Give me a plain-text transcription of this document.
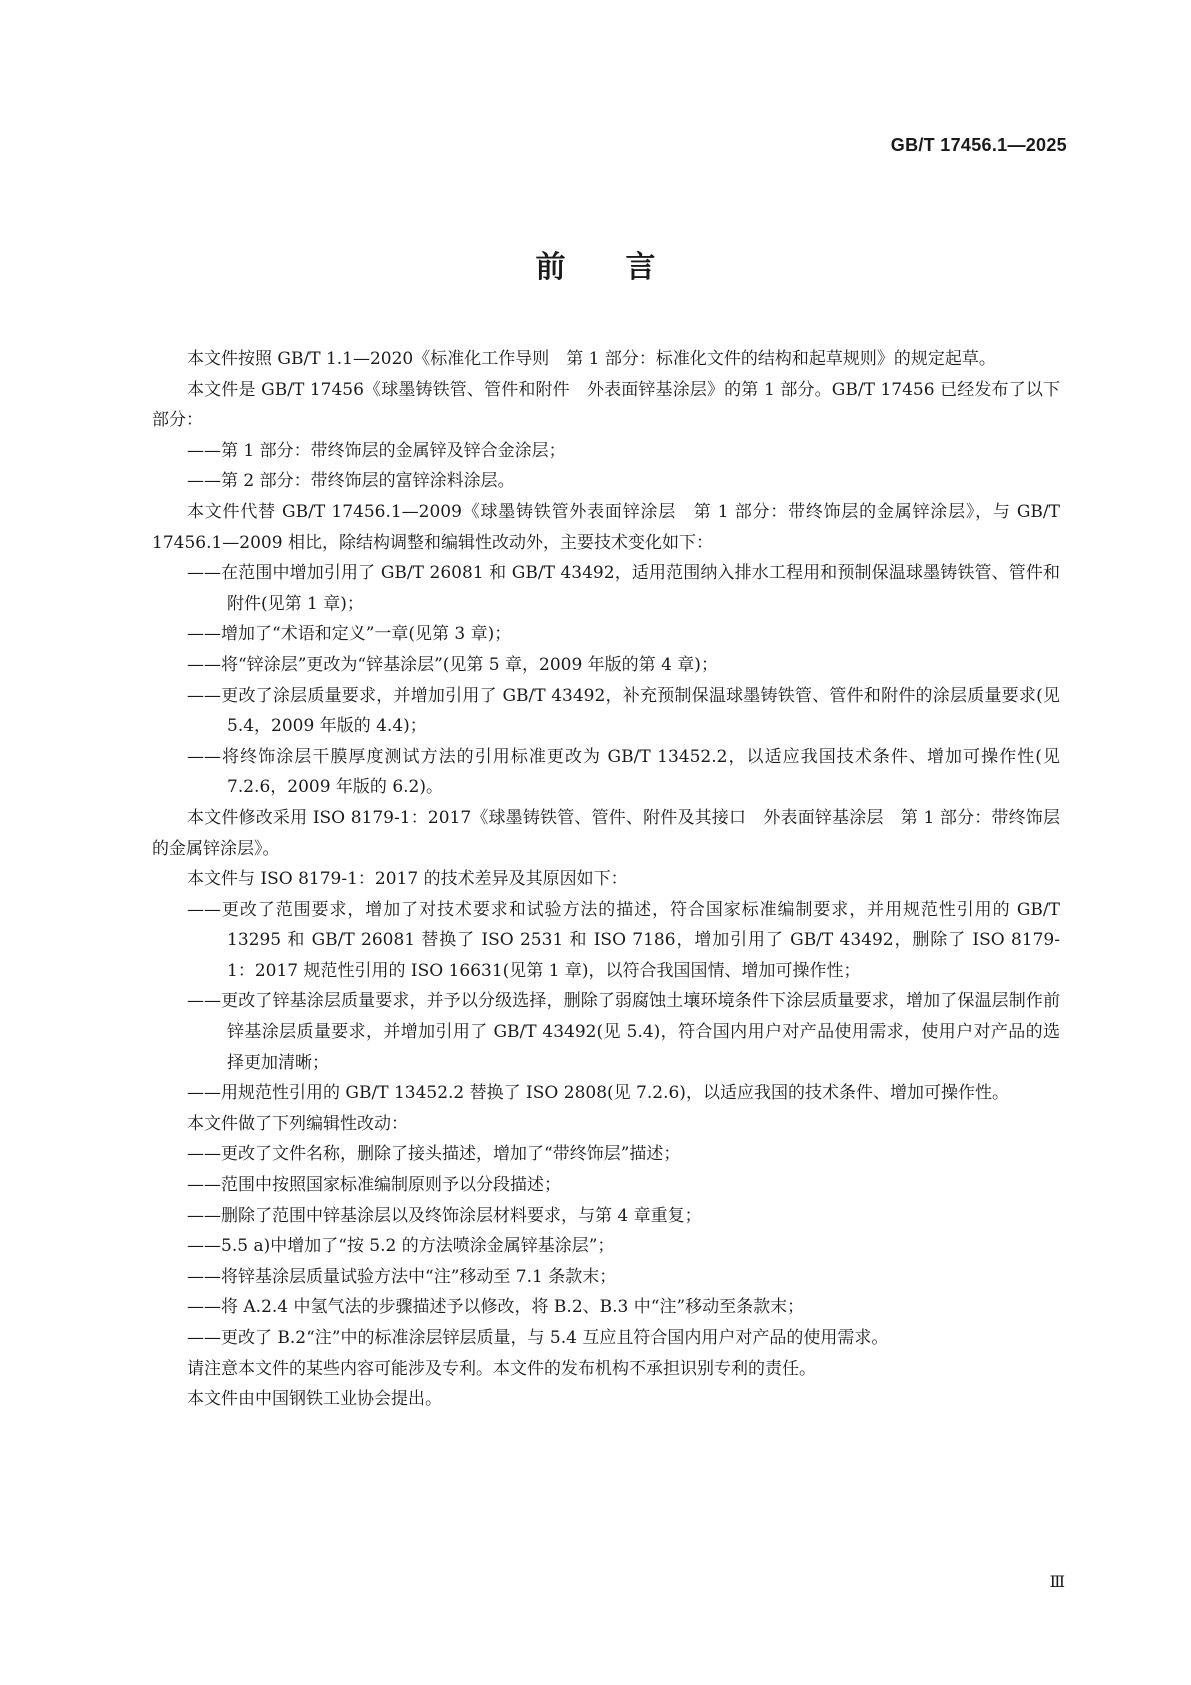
GB/T 17456.1—2025
前 言

本文件按照 GB/T 1.1—2020《标准化工作导则　第 1 部分：标准化文件的结构和起草规则》的规定起草。

本文件是 GB/T 17456《球墨铸铁管、管件和附件　外表面锌基涂层》的第 1 部分。GB/T 17456 已经发布了以下部分：

——第 1 部分：带终饰层的金属锌及锌合金涂层；

——第 2 部分：带终饰层的富锌涂料涂层。

本文件代替 GB/T 17456.1—2009《球墨铸铁管外表面锌涂层　第 1 部分：带终饰层的金属锌涂层》，与 GB/T 17456.1—2009 相比，除结构调整和编辑性改动外，主要技术变化如下：

——在范围中增加引用了 GB/T 26081 和 GB/T 43492，适用范围纳入排水工程用和预制保温球墨铸铁管、管件和附件(见第 1 章)；

——增加了“术语和定义”一章(见第 3 章)；

——将“锌涂层”更改为“锌基涂层”(见第 5 章，2009 年版的第 4 章)；

——更改了涂层质量要求，并增加引用了 GB/T 43492，补充预制保温球墨铸铁管、管件和附件的涂层质量要求(见 5.4，2009 年版的 4.4)；

——将终饰涂层干膜厚度测试方法的引用标准更改为 GB/T 13452.2，以适应我国技术条件、增加可操作性(见 7.2.6，2009 年版的 6.2)。

本文件修改采用 ISO 8179-1：2017《球墨铸铁管、管件、附件及其接口　外表面锌基涂层　第 1 部分：带终饰层的金属锌涂层》。

本文件与 ISO 8179-1：2017 的技术差异及其原因如下：

——更改了范围要求，增加了对技术要求和试验方法的描述，符合国家标准编制要求，并用规范性引用的 GB/T 13295 和 GB/T 26081 替换了 ISO 2531 和 ISO 7186，增加引用了 GB/T 43492，删除了 ISO 8179-1：2017 规范性引用的 ISO 16631(见第 1 章)，以符合我国国情、增加可操作性；

——更改了锌基涂层质量要求，并予以分级选择，删除了弱腐蚀土壤环境条件下涂层质量要求，增加了保温层制作前锌基涂层质量要求，并增加引用了 GB/T 43492(见 5.4)，符合国内用户对产品使用需求，使用户对产品的选择更加清晰；

——用规范性引用的 GB/T 13452.2 替换了 ISO 2808(见 7.2.6)，以适应我国的技术条件、增加可操作性。

本文件做了下列编辑性改动：

——更改了文件名称，删除了接头描述，增加了“带终饰层”描述；

——范围中按照国家标准编制原则予以分段描述；

——删除了范围中锌基涂层以及终饰涂层材料要求，与第 4 章重复；

——5.5 a)中增加了“按 5.2 的方法喷涂金属锌基涂层”；

——将锌基涂层质量试验方法中“注”移动至 7.1 条款末；

——将 A.2.4 中氢气法的步骤描述予以修改，将 B.2、B.3 中“注”移动至条款末；

——更改了 B.2“注”中的标准涂层锌层质量，与 5.4 互应且符合国内用户对产品的使用需求。

请注意本文件的某些内容可能涉及专利。本文件的发布机构不承担识别专利的责任。

本文件由中国钢铁工业协会提出。

Ⅲ
